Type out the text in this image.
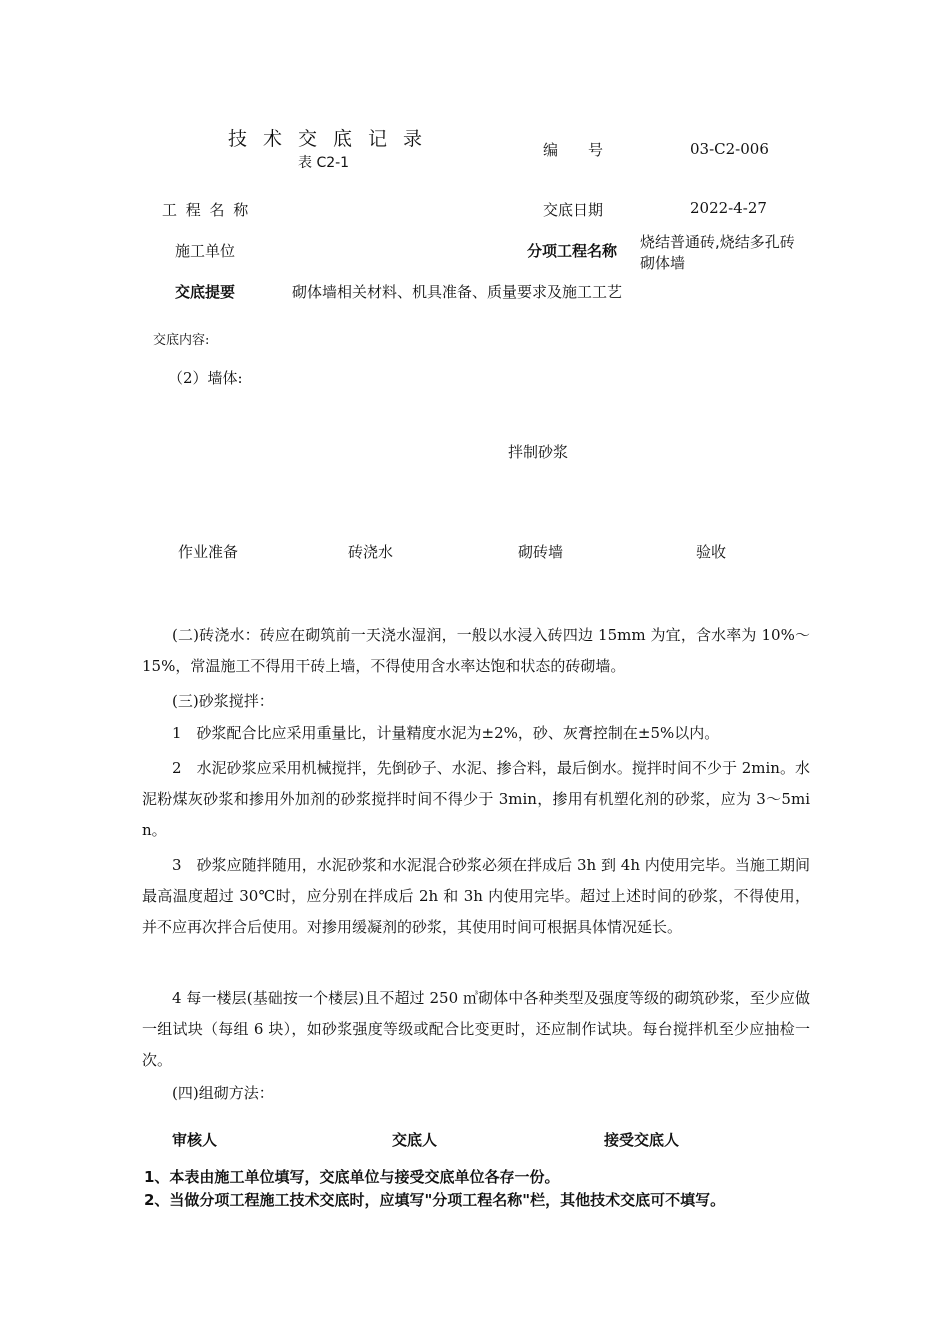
技术交底记录
表 C2-1
编　　号	03-C2-006
工 程 名 称	交底日期	2022-4-27
施工单位	分项工程名称 烧结普通砖,烧结多孔砖
砌体墙
交底提要	砌体墙相关材料、机具准备、质量要求及施工工艺
交底内容:
（2）墙体:
拌制砂浆
作业准备	砖浇水	砌砖墙	验收
(二)砖浇水：砖应在砌筑前一天浇水湿润，一般以水浸入砖四边 15mm 为宜，含水率为 10%～15%，常温施工不得用干砖上墙，不得使用含水率达饱和状态的砖砌墙。
(三)砂浆搅拌：
1　砂浆配合比应采用重量比，计量精度水泥为±2%，砂、灰膏控制在±5%以内。
2　水泥砂浆应采用机械搅拌，先倒砂子、水泥、掺合料，最后倒水。搅拌时间不少于 2min。水泥粉煤灰砂浆和掺用外加剂的砂浆搅拌时间不得少于 3min，掺用有机塑化剂的砂浆，应为 3～5min。
3　砂浆应随拌随用，水泥砂浆和水泥混合砂浆必须在拌成后 3h 到 4h 内使用完毕。当施工期间最高温度超过 30℃时，应分别在拌成后 2h 和 3h 内使用完毕。超过上述时间的砂浆，不得使用，并不应再次拌合后使用。对掺用缓凝剂的砂浆，其使用时间可根据具体情况延长。
4 每一楼层(基础按一个楼层)且不超过 250 ㎥砌体中各种类型及强度等级的砌筑砂浆，至少应做一组试块（每组 6 块），如砂浆强度等级或配合比变更时，还应制作试块。每台搅拌机至少应抽检一次。
(四)组砌方法：
审核人	交底人	接受交底人
1、本表由施工单位填写，交底单位与接受交底单位各存一份。
2、当做分项工程施工技术交底时，应填写"分项工程名称"栏，其他技术交底可不填写。
